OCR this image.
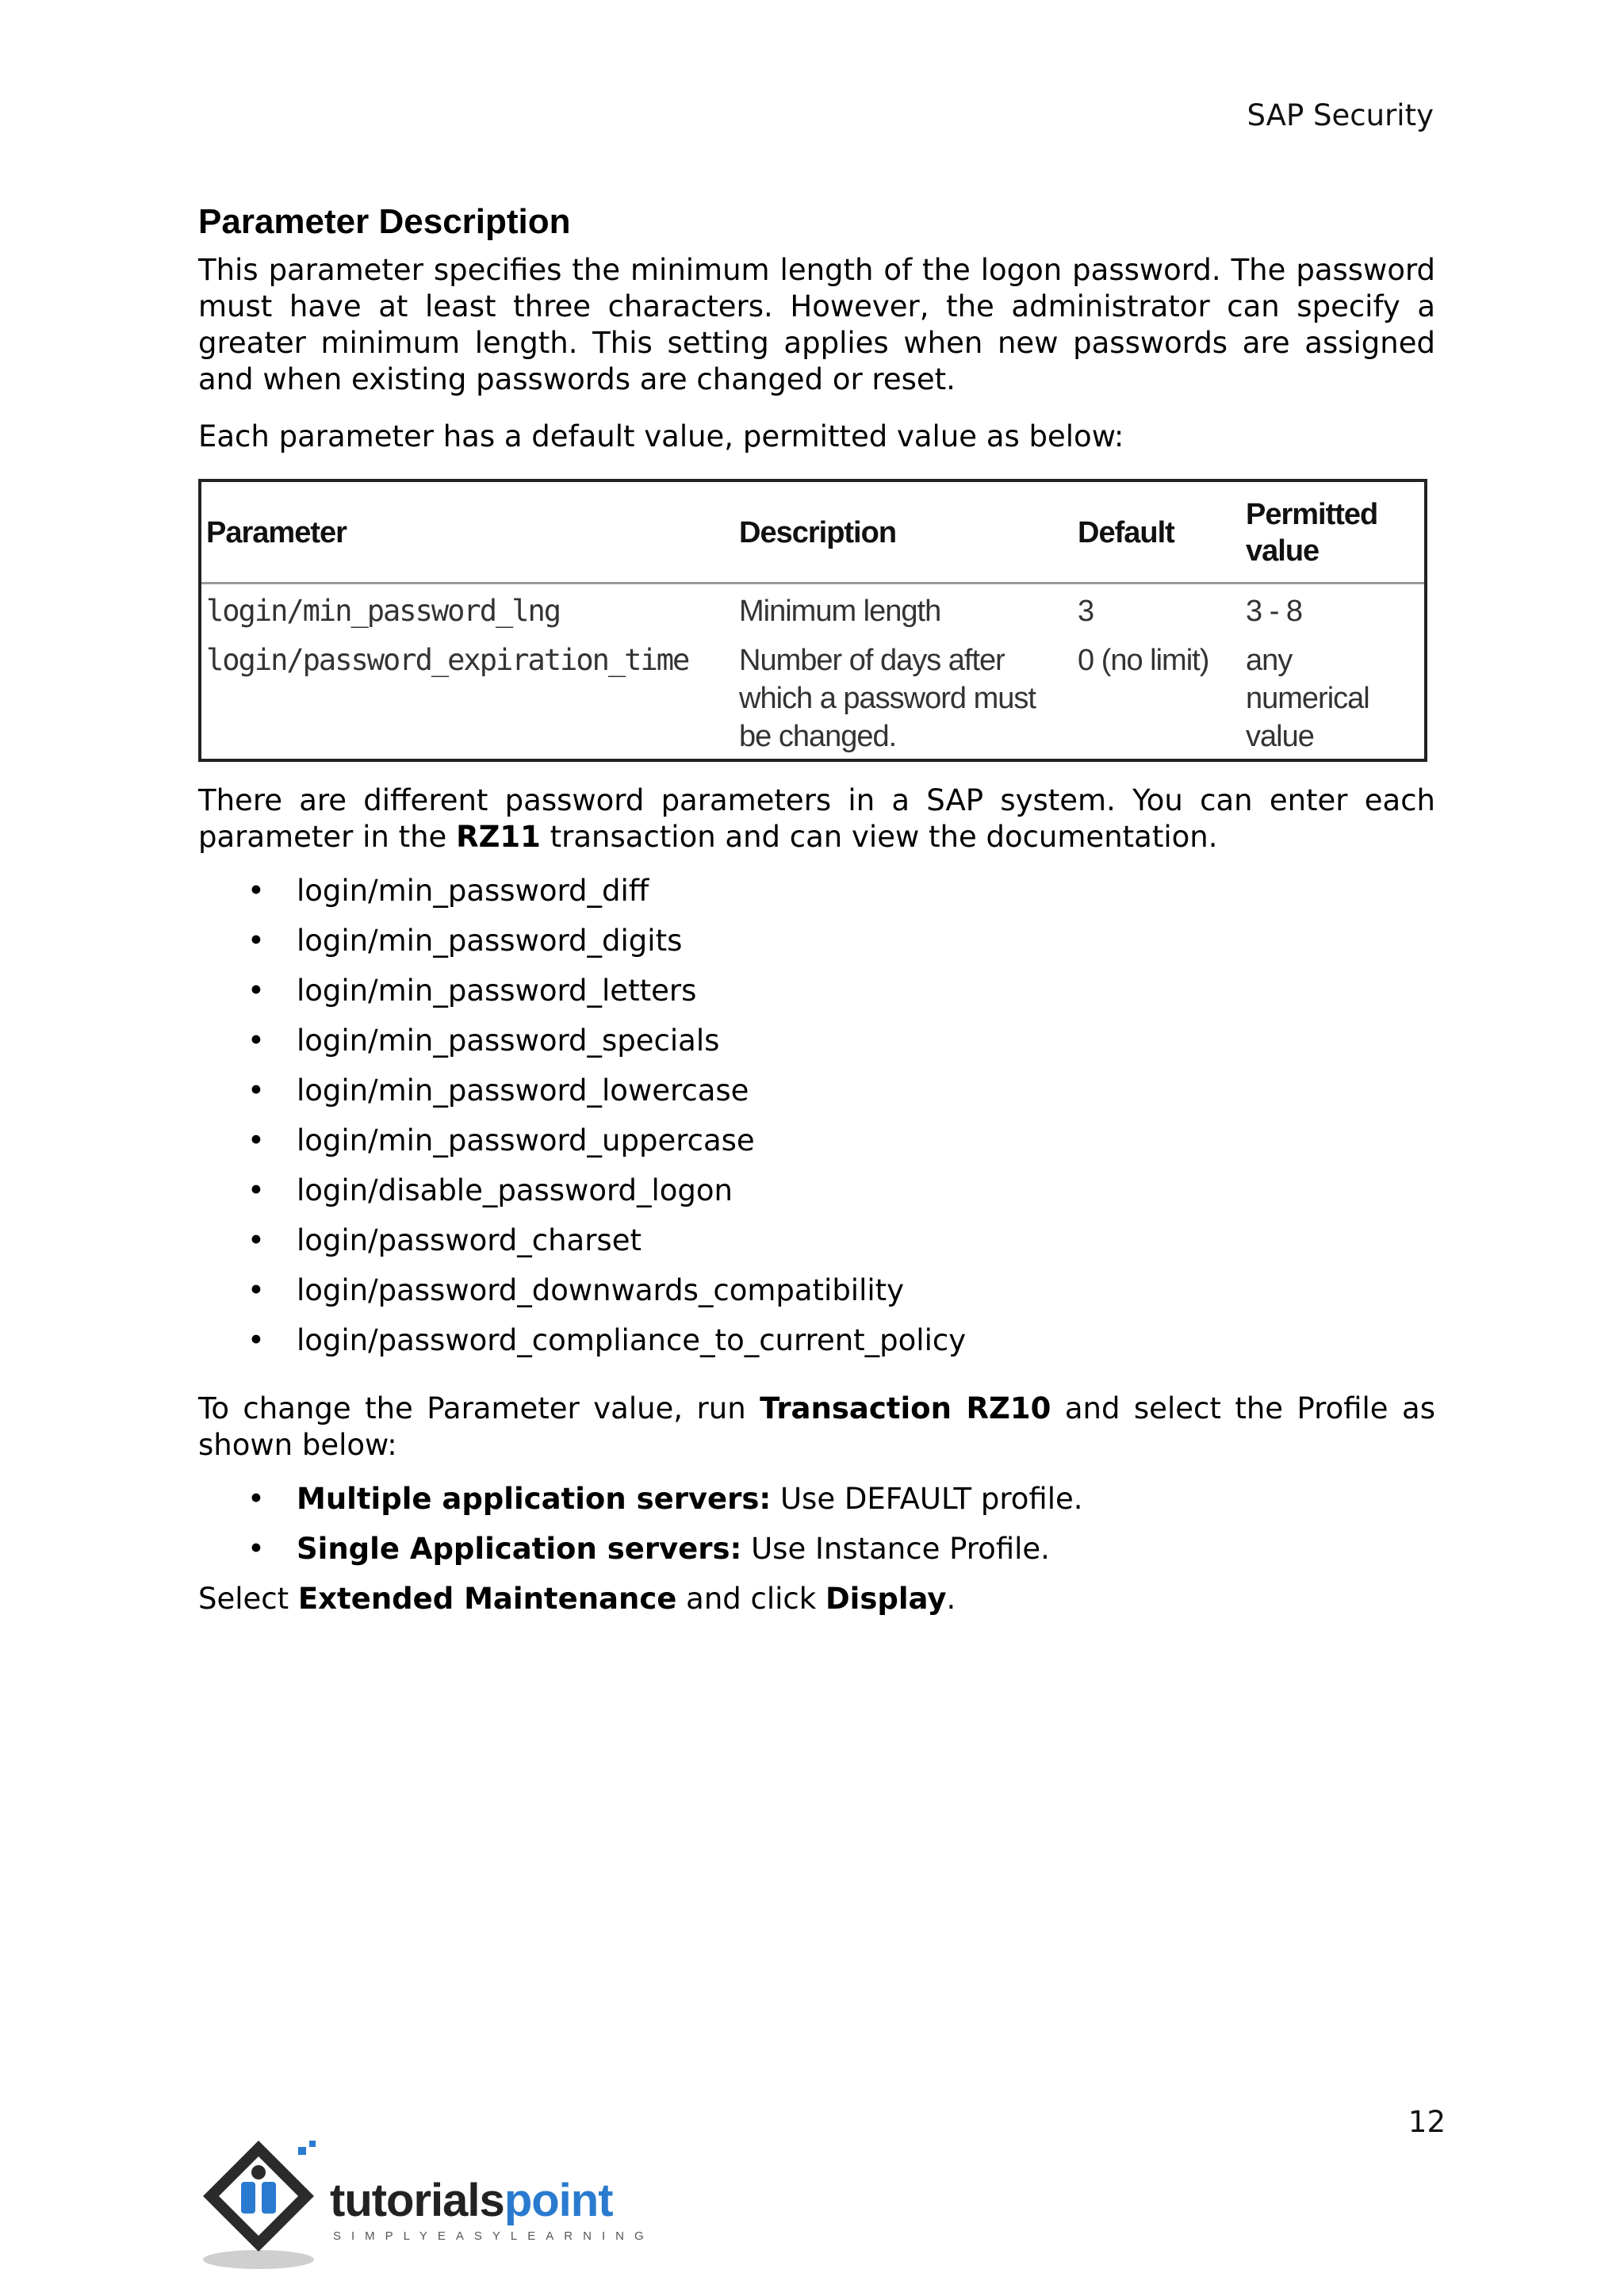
SAP Security
Parameter Description

This parameter specifies the minimum length of the logon password. The password must have at least three characters. However, the administrator can specify a greater minimum length. This setting applies when new passwords are assigned and when existing passwords are changed or reset.

Each parameter has a default value, permitted value as below:

Parameter	Description	Default	Permitted value
login/min_password_lng	Minimum length	3	3 - 8
login/password_expiration_time	Number of days after which a password must be changed.	0 (no limit)	any numerical value

There are different password parameters in a SAP system. You can enter each parameter in the RZ11 transaction and can view the documentation.

• login/min_password_diff
• login/min_password_digits
• login/min_password_letters
• login/min_password_specials
• login/min_password_lowercase
• login/min_password_uppercase
• login/disable_password_logon
• login/password_charset
• login/password_downwards_compatibility
• login/password_compliance_to_current_policy

To change the Parameter value, run Transaction RZ10 and select the Profile as shown below:

• Multiple application servers: Use DEFAULT profile.
• Single Application servers: Use Instance Profile.

Select Extended Maintenance and click Display.

12
tutorialspoint
SIMPLYEASYLEARNING
